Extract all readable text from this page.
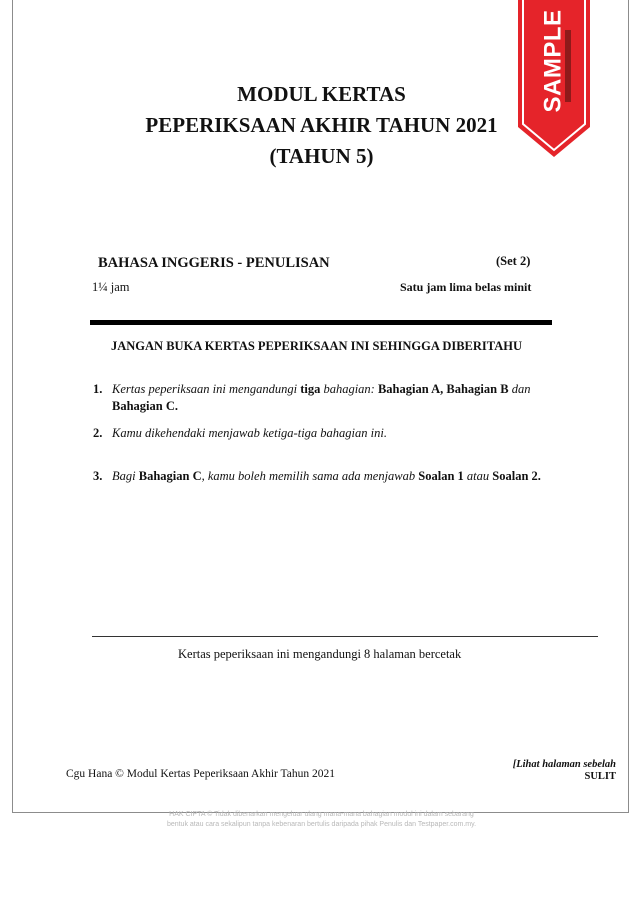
SAMPLE
MODUL KERTAS
PEPERIKSAAN AKHIR TAHUN 2021
(TAHUN 5)
BAHASA INGGERIS - PENULISAN	(Set 2)
1¼ jam	Satu jam lima belas minit
JANGAN BUKA KERTAS PEPERIKSAAN INI SEHINGGA DIBERITAHU
1. Kertas peperiksaan ini mengandungi tiga bahagian: Bahagian A, Bahagian B dan Bahagian C.
2. Kamu dikehendaki menjawab ketiga-tiga bahagian ini.
3. Bagi Bahagian C, kamu boleh memilih sama ada menjawab Soalan 1 atau Soalan 2.
Kertas peperiksaan ini mengandungi 8 halaman bercetak
Cgu Hana © Modul Kertas Peperiksaan Akhir Tahun 2021
[Lihat halaman sebelah
SULIT
HAK CIPTA © Tidak dibenarkan mengeluar ulang mana-mana bahagian modul ini dalam sebarang
bentuk atau cara sekalipun tanpa kebenaran bertulis daripada pihak Penulis dan Testpaper.com.my.
